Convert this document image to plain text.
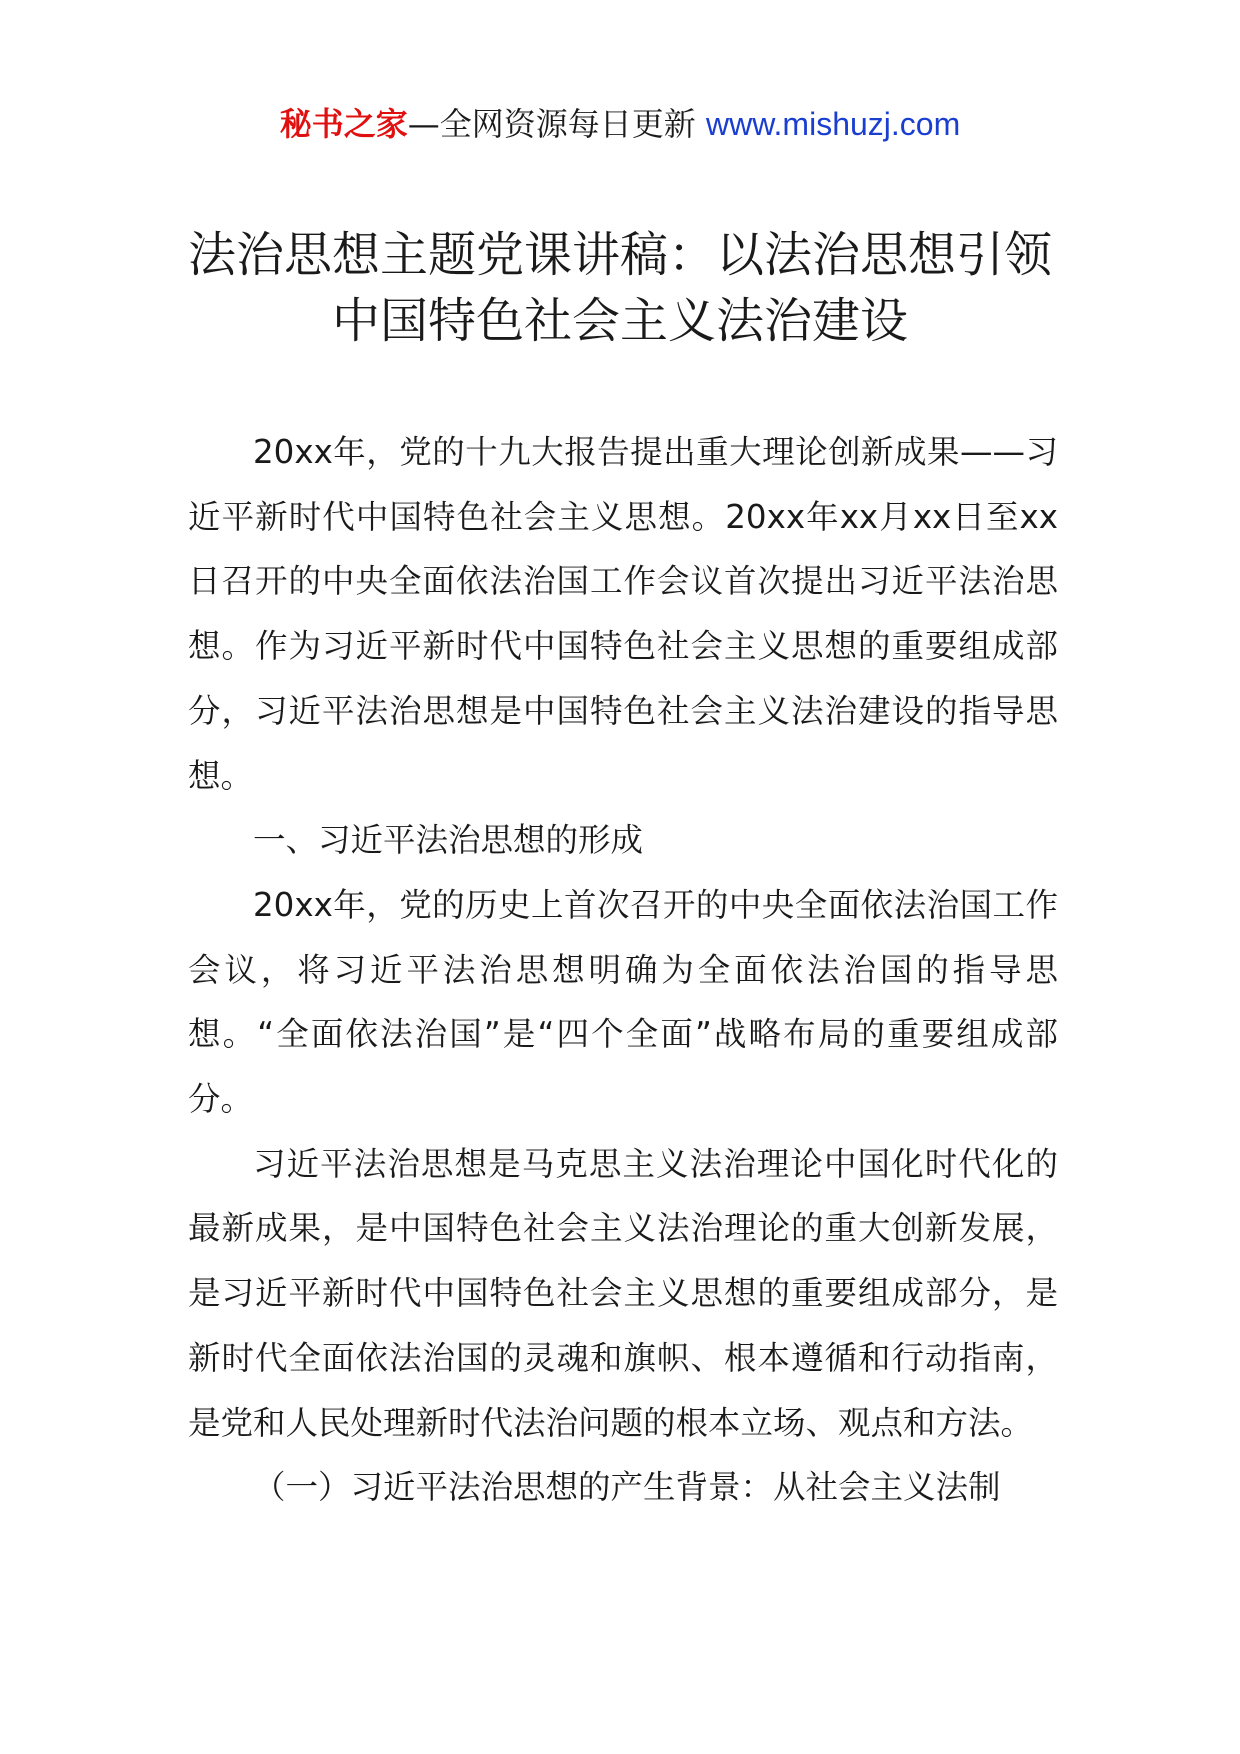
秘书之家—全网资源每日更新 www.mishuzj.com
法治思想主题党课讲稿：以法治思想引领
中国特色社会主义法治建设

20xx年，党的十九大报告提出重大理论创新成果——习近平新时代中国特色社会主义思想。20xx年xx月xx日至xx日召开的中央全面依法治国工作会议首次提出习近平法治思想。作为习近平新时代中国特色社会主义思想的重要组成部分，习近平法治思想是中国特色社会主义法治建设的指导思想。

一、习近平法治思想的形成

20xx年，党的历史上首次召开的中央全面依法治国工作会议，将习近平法治思想明确为全面依法治国的指导思想。“全面依法治国”是“四个全面”战略布局的重要组成部分。

习近平法治思想是马克思主义法治理论中国化时代化的最新成果，是中国特色社会主义法治理论的重大创新发展，是习近平新时代中国特色社会主义思想的重要组成部分，是新时代全面依法治国的灵魂和旗帜、根本遵循和行动指南，是党和人民处理新时代法治问题的根本立场、观点和方法。

（一）习近平法治思想的产生背景：从社会主义法制
